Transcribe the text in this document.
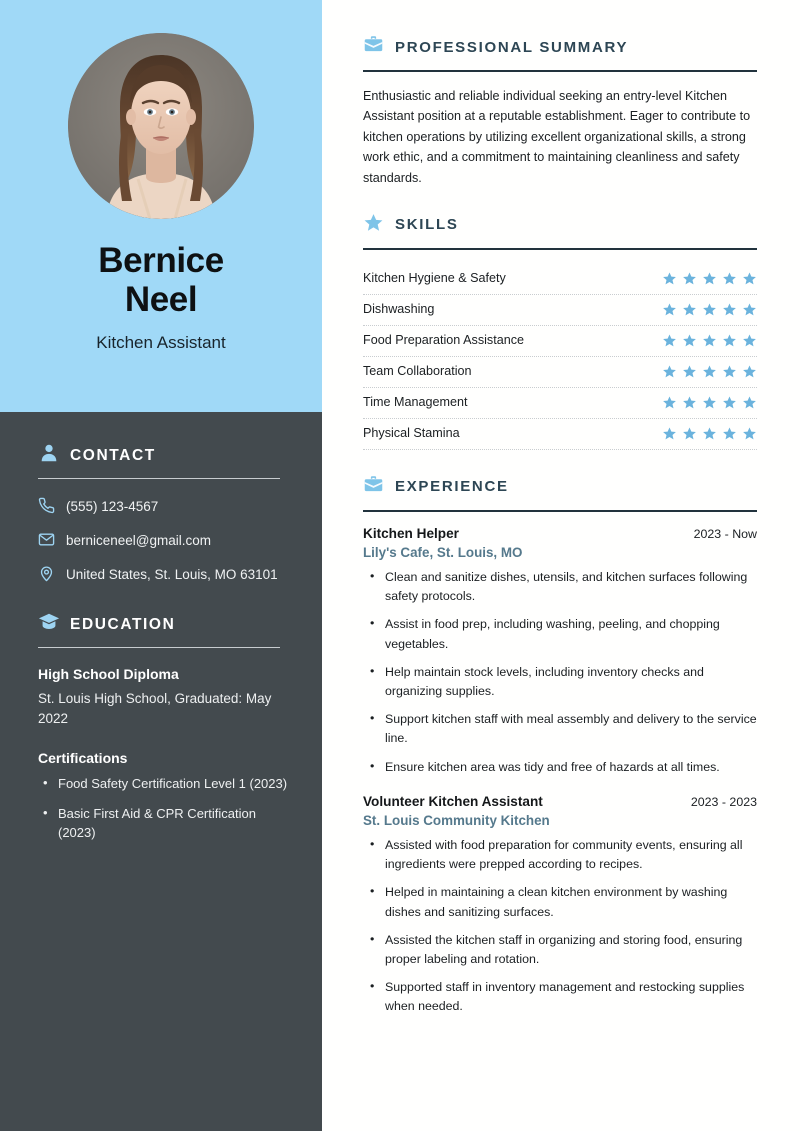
Bernice
Neel
Kitchen Assistant
CONTACT
(555) 123-4567
berniceneel@gmail.com
United States, St. Louis, MO 63101
EDUCATION
High School Diploma
St. Louis High School, Graduated: May 2022
Certifications
• Food Safety Certification Level 1 (2023)
• Basic First Aid & CPR Certification (2023)
PROFESSIONAL SUMMARY
Enthusiastic and reliable individual seeking an entry-level Kitchen Assistant position at a reputable establishment. Eager to contribute to kitchen operations by utilizing excellent organizational skills, a strong work ethic, and a commitment to maintaining cleanliness and safety standards.
SKILLS
Kitchen Hygiene & Safety
Dishwashing
Food Preparation Assistance
Team Collaboration
Time Management
Physical Stamina
EXPERIENCE
Kitchen Helper	2023 - Now
Lily's Cafe, St. Louis, MO
• Clean and sanitize dishes, utensils, and kitchen surfaces following safety protocols.
• Assist in food prep, including washing, peeling, and chopping vegetables.
• Help maintain stock levels, including inventory checks and organizing supplies.
• Support kitchen staff with meal assembly and delivery to the service line.
• Ensure kitchen area was tidy and free of hazards at all times.
Volunteer Kitchen Assistant	2023 - 2023
St. Louis Community Kitchen
• Assisted with food preparation for community events, ensuring all ingredients were prepped according to recipes.
• Helped in maintaining a clean kitchen environment by washing dishes and sanitizing surfaces.
• Assisted the kitchen staff in organizing and storing food, ensuring proper labeling and rotation.
• Supported staff in inventory management and restocking supplies when needed.
